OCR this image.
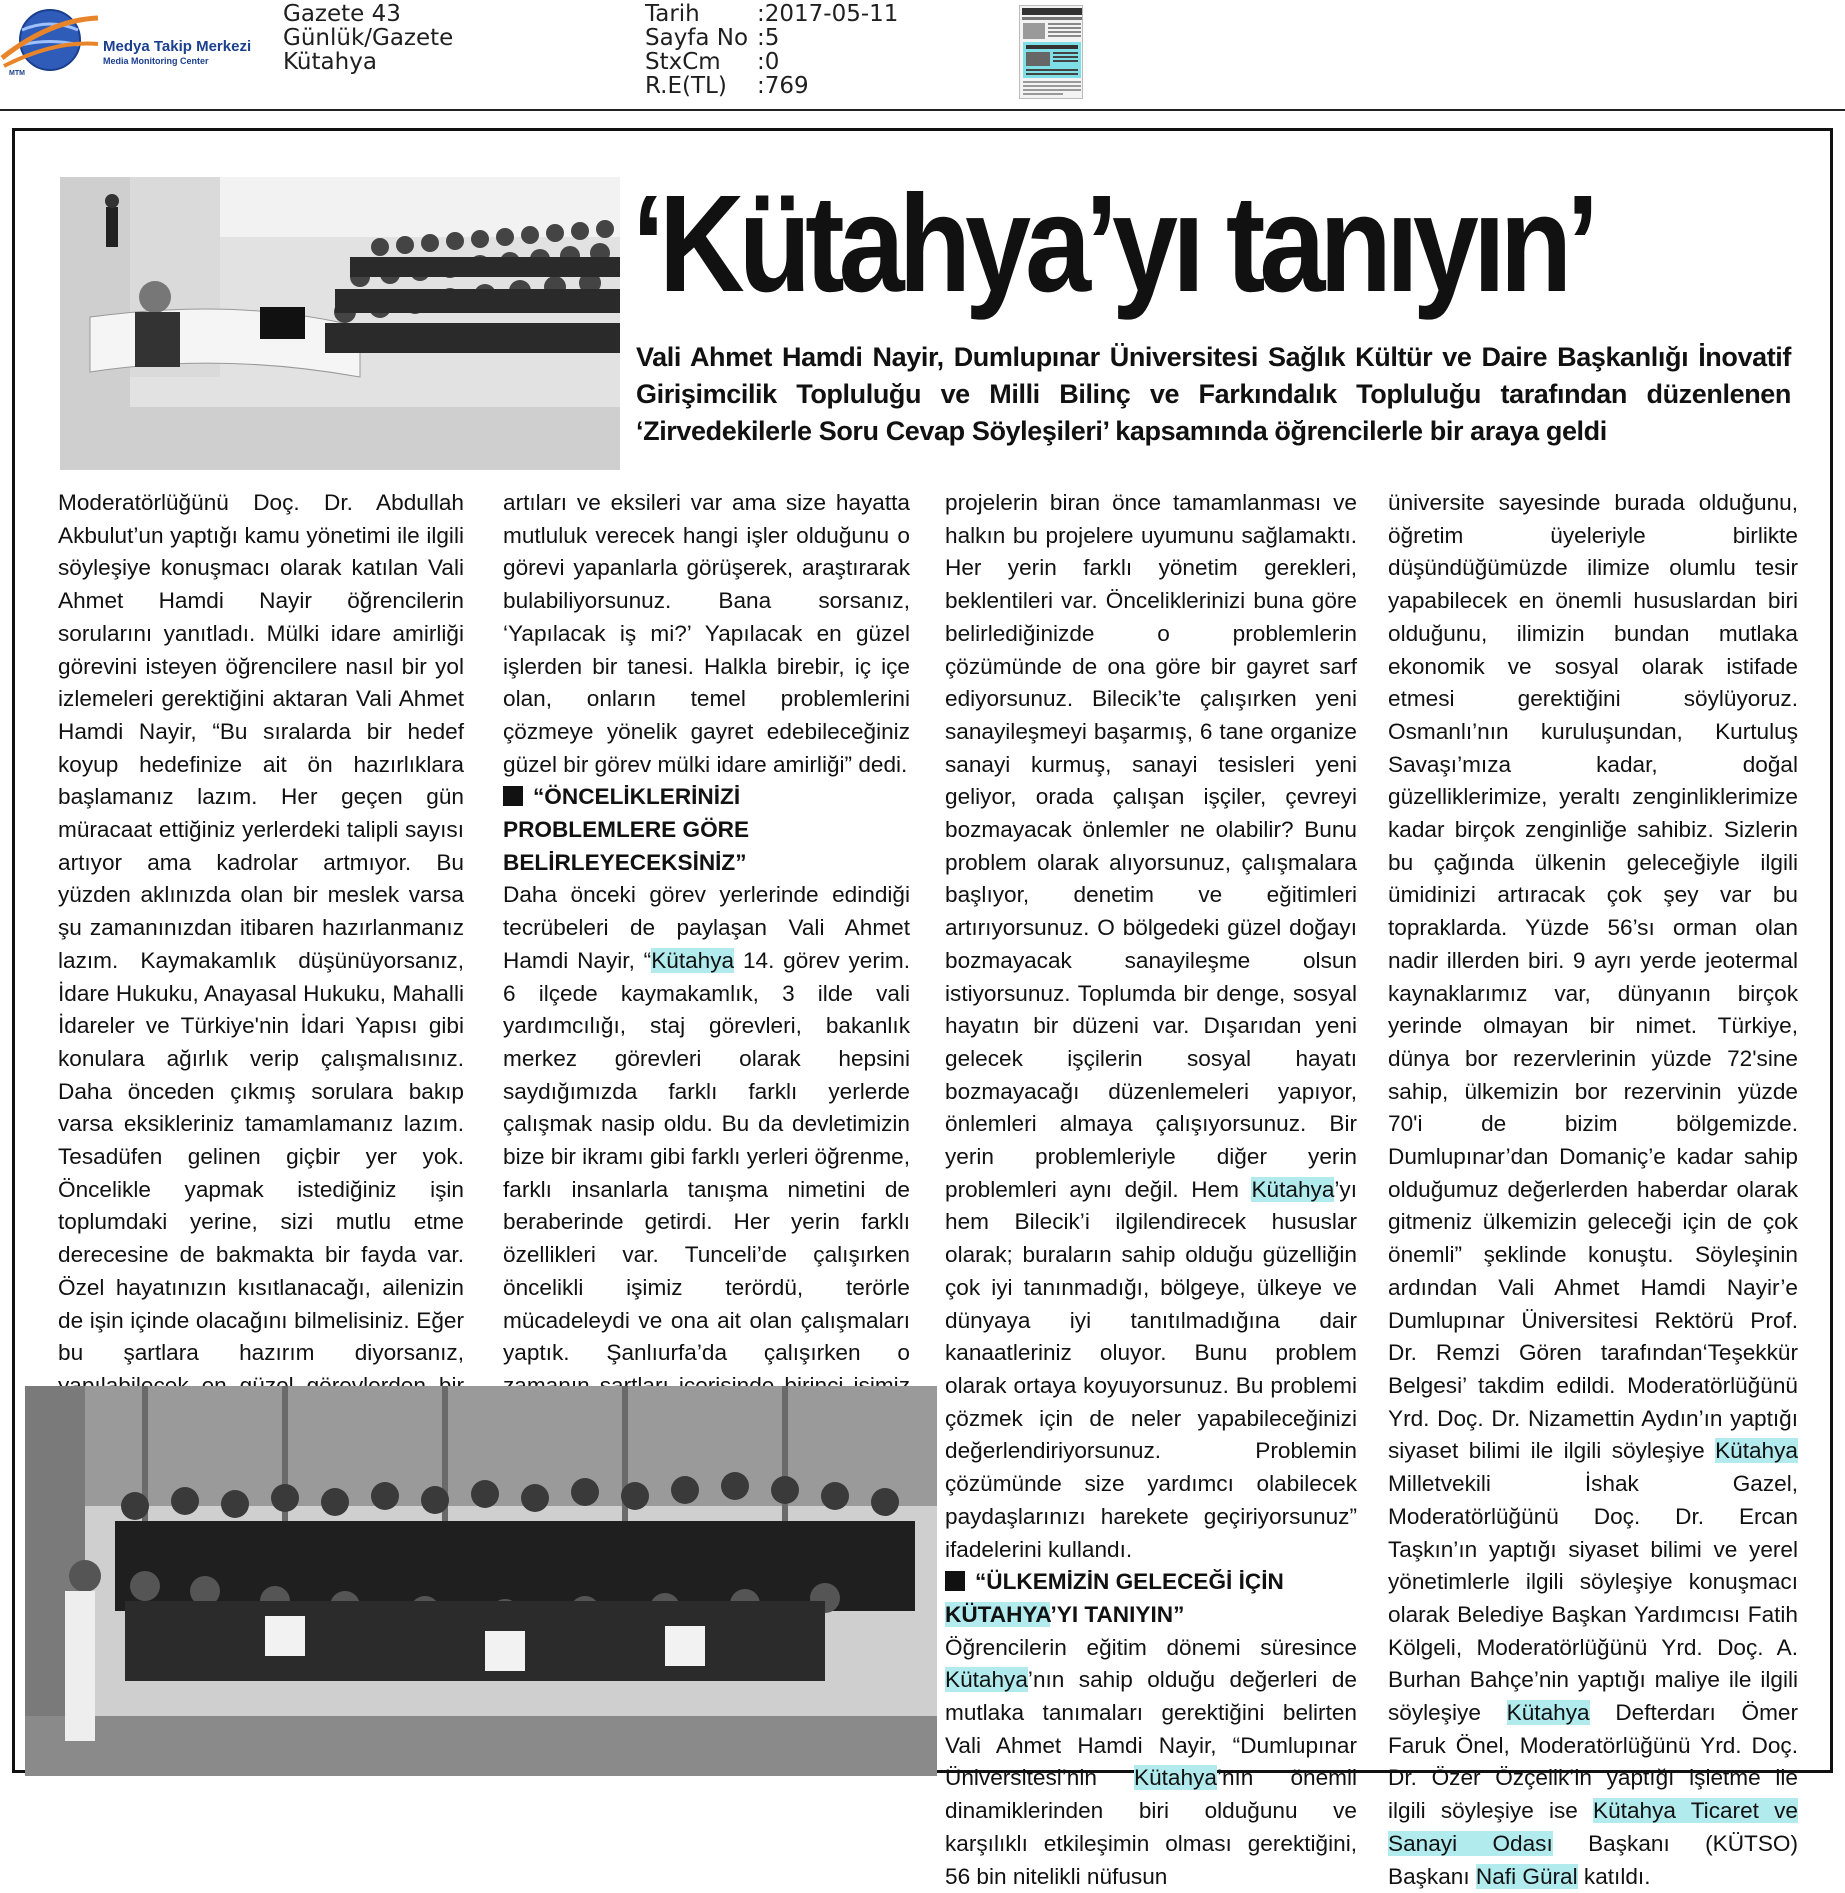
Medya Takip Merkezi
Media Monitoring Center
MTM
Gazete 43
Günlük/Gazete
Kütahya
Tarih	:2017-05-11
Sayfa No :5
StxCm	:0
R.E(TL)	:769
‘Kütahya’yı tanıyın’
Vali Ahmet Hamdi Nayir, Dumlupınar Üniversitesi Sağlık Kültür ve Daire Başkanlığı İnovatif Girişimcilik Topluluğu ve Milli Bilinç ve Farkındalık Topluluğu tarafından düzenlenen ‘Zirvedekilerle Soru Cevap Söyleşileri’ kapsamında öğrencilerle bir araya geldi

Moderatörlüğünü Doç. Dr. Abdullah Akbulut’un yaptığı kamu yönetimi ile ilgili söyleşiye konuşmacı olarak katılan Vali Ahmet Hamdi Nayir öğrencilerin sorularını yanıtladı. Mülki idare amirliği görevini isteyen öğrencilere nasıl bir yol izlemeleri gerektiğini aktaran Vali Ahmet Hamdi Nayir, “Bu sıralarda bir hedef koyup hedefinize ait ön hazırlıklara başlamanız lazım. Her geçen gün müracaat ettiğiniz yerlerdeki talipli sayısı artıyor ama kadrolar artmıyor. Bu yüzden aklınızda olan bir meslek varsa şu zamanınızdan itibaren hazırlanmanız lazım. Kaymakamlık düşünüyorsanız, İdare Hukuku, Anayasal Hukuku, Mahalli İdareler ve Türkiye'nin İdari Yapısı gibi konulara ağırlık verip çalışmalısınız. Daha önceden çıkmış sorulara bakıp varsa eksikleriniz tamamlamanız lazım. Tesadüfen gelinen giçbir yer yok. Öncelikle yapmak istediğiniz işin toplumdaki yerine, sizi mutlu etme derecesine de bakmakta bir fayda var. Özel hayatınızın kısıtlanacağı, ailenizin de işin içinde olacağını bilmelisiniz. Eğer bu şartlara hazırım diyorsanız,

artıları ve eksileri var ama size hayatta mutluluk verecek hangi işler olduğunu o görevi yapanlarla görüşerek, araştırarak bulabiliyorsunuz. Bana sorsanız, ‘Yapılacak iş mi?’ Yapılacak en güzel işlerden bir tanesi. Halkla birebir, iç içe olan, onların temel problemlerini çözmeye yönelik gayret edebileceğiniz güzel bir görev mülki idare amirliği” dedi.

“ÖNCELİKLERİNİZİ PROBLEMLERE GÖRE BELİRLEYECEKSİNİZ”

Daha önceki görev yerlerinde edindiği tecrübeleri de paylaşan Vali Ahmet Hamdi Nayir, “Kütahya 14. görev yerim. 6 ilçede kaymakamlık, 3 ilde vali yardımcılığı, staj görevleri, bakanlık merkez görevleri olarak hepsini saydığımızda farklı farklı yerlerde çalışmak nasip oldu. Bu da devletimizin bize bir ikramı gibi farklı yerleri öğrenme, farklı insanlarla tanışma nimetini de beraberinde getirdi. Her yerin farklı özellikleri var. Tunceli’de çalışırken öncelikli işimiz terördü, terörle mücadeleydi ve ona ait olan çalışmaları yaptık. Şanlıurfa’da çalışırken o

projelerin biran önce tamamlanması ve halkın bu projelere uyumunu sağlamaktı. Her yerin farklı yönetim gerekleri, beklentileri var. Önceliklerinizi buna göre belirlediğinizde o problemlerin çözümünde de ona göre bir gayret sarf ediyorsunuz. Bilecik’te çalışırken yeni sanayileşmeyi başarmış, 6 tane organize sanayi kurmuş, sanayi tesisleri yeni geliyor, orada çalışan işçiler, çevreyi bozmayacak önlemler ne olabilir? Bunu problem olarak alıyorsunuz, çalışmalara başlıyor, denetim ve eğitimleri artırıyorsunuz. O bölgedeki güzel doğayı bozmayacak sanayileşme olsun istiyorsunuz. Toplumda bir denge, sosyal hayatın bir düzeni var. Dışarıdan yeni gelecek işçilerin sosyal hayatı bozmayacağı düzenlemeleri yapıyor, önlemleri almaya çalışıyorsunuz. Bir yerin problemleriyle diğer yerin problemleri aynı değil. Hem Kütahya’yı hem Bilecik’i ilgilendirecek hususlar olarak; buraların sahip olduğu güzelliğin çok iyi tanınmadığı, bölgeye, ülkeye ve dünyaya iyi tanıtılmadığına dair kanaatleriniz oluyor. Bunu problem olarak ortaya koyuyorsunuz. Bu problemi çözmek için de neler yapabileceğinizi değerlendiriyorsunuz. Problemin çözümünde size yardımcı olabilecek paydaşlarınızı harekete geçiriyorsunuz” ifadelerini kullandı.

“ÜLKEMİZİN GELECEĞİ İÇİN KÜTAHYA’YI TANIYIN”

Öğrencilerin eğitim dönemi süresince Kütahya’nın sahip olduğu değerleri de mutlaka tanımaları gerektiğini belirten Vali Ahmet Hamdi Nayir, “Dumlupınar Üniversitesi’nin Kütahya’nın önemli dinamiklerinden biri olduğunu ve karşılıklı etkileşimin olması gerektiğini, 56 bin nitelikli nüfusun

üniversite sayesinde burada olduğunu, öğretim üyeleriyle birlikte düşündüğümüzde ilimize olumlu tesir yapabilecek en önemli hususlardan biri olduğunu, ilimizin bundan mutlaka ekonomik ve sosyal olarak istifade etmesi gerektiğini söylüyoruz. Osmanlı’nın kuruluşundan, Kurtuluş Savaşı’mıza kadar, doğal güzelliklerimize, yeraltı zenginliklerimize kadar birçok zenginliğe sahibiz. Sizlerin bu çağında ülkenin geleceğiyle ilgili ümidinizi artıracak çok şey var bu topraklarda. Yüzde 56’sı orman olan nadir illerden biri. 9 ayrı yerde jeotermal kaynaklarımız var, dünyanın birçok yerinde olmayan bir nimet. Türkiye, dünya bor rezervlerinin yüzde 72'sine sahip, ülkemizin bor rezervinin yüzde 70'i de bizim bölgemizde. Dumlupınar’dan Domaniç’e kadar sahip olduğumuz değerlerden haberdar olarak gitmeniz ülkemizin geleceği için de çok önemli” şeklinde konuştu. Söyleşinin ardından Vali Ahmet Hamdi Nayir’e Dumlupınar Üniversitesi Rektörü Prof. Dr. Remzi Gören tarafından‘Teşekkür Belgesi’ takdim edildi. Moderatörlüğünü Yrd. Doç. Dr. Nizamettin Aydın’ın yaptığı siyaset bilimi ile ilgili söyleşiye Kütahya Milletvekili İshak Gazel, Moderatörlüğünü Doç. Dr. Ercan Taşkın’ın yaptığı siyaset bilimi ve yerel yönetimlerle ilgili söyleşiye konuşmacı olarak Belediye Başkan Yardımcısı Fatih Kölgeli, Moderatörlüğünü Yrd. Doç. A. Burhan Bahçe’nin yaptığı maliye ile ilgili söyleşiye Kütahya Defterdarı Ömer Faruk Önel, Moderatörlüğünü Yrd. Doç. Dr. Özer Özçelik’in yaptığı işletme ile ilgili söyleşiye ise Kütahya Ticaret ve Sanayi Odası Başkanı (KÜTSO) Başkanı Nafi Güral katıldı.
